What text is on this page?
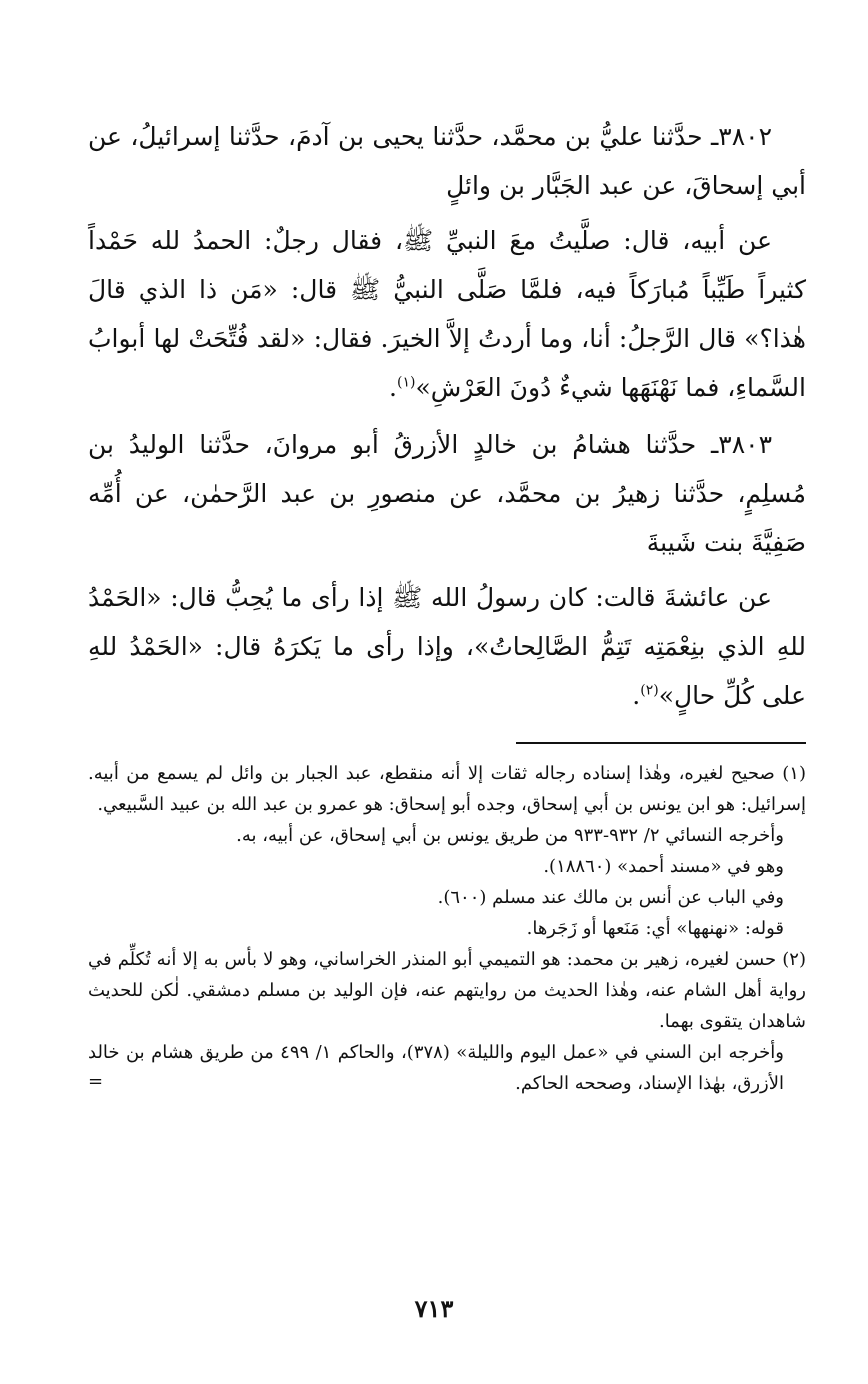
٣٨٠٢ـ حدَّثنا عليُّ بن محمَّد، حدَّثنا يحيى بن آدمَ، حدَّثنا إسرائيلُ، عن أبي إسحاقَ، عن عبد الجَبَّار بن وائلٍ

عن أبيه، قال: صلَّيتُ معَ النبيِّ ﷺ، فقال رجلٌ: الحمدُ لله حَمْداً كثيراً طَيِّباً مُبارَكاً فيه، فلمَّا صَلَّى النبيُّ ﷺ قال: «مَن ذا الذي قالَ هٰذا؟» قال الرَّجلُ: أنا، وما أردتُ إلاَّ الخيرَ. فقال: «لقد فُتِّحَتْ لها أبوابُ السَّماءِ، فما نَهْنَهَها شيءٌ دُونَ العَرْشِ»$^{(١)}$.

٣٨٠٣ـ حدَّثنا هشامُ بن خالدٍ الأزرقُ أبو مروانَ، حدَّثنا الوليدُ بن مُسلِمٍ، حدَّثنا زهيرُ بن محمَّد، عن منصورِ بن عبد الرَّحمٰن، عن أُمِّه صَفِيَّةَ بنت شَيبةَ

عن عائشةَ قالت: كان رسولُ الله ﷺ إذا رأى ما يُحِبُّ قال: «الحَمْدُ للهِ الذي بنِعْمَتِه تَتِمُّ الصَّالِحاتُ»، وإذا رأى ما يَكرَهُ قال: «الحَمْدُ للهِ على كُلِّ حالٍ»$^{(٢)}$.

(١) صحيح لغيره، وهٰذا إسناده رجاله ثقات إلا أنه منقطع، عبد الجبار بن وائل لم يسمع من أبيه. إسرائيل: هو ابن يونس بن أبي إسحاق، وجده أبو إسحاق: هو عمرو بن عبد الله بن عبيد السَّبيعي.

وأخرجه النسائي ٢/ ٩٣٢-٩٣٣ من طريق يونس بن أبي إسحاق، عن أبيه، به.

وهو في «مسند أحمد» (١٨٨٦٠).

وفي الباب عن أنس بن مالك عند مسلم (٦٠٠).

قوله: «نهنهها» أي: مَنَعها أو زَجَرها.

(٢) حسن لغيره، زهير بن محمد: هو التميمي أبو المنذر الخراساني، وهو لا بأس به إلا أنه تُكلِّم في رواية أهل الشام عنه، وهٰذا الحديث من روايتهم عنه، فإن الوليد بن مسلم دمشقي. لٰكن للحديث شاهدان يتقوى بهما.

وأخرجه ابن السني في «عمل اليوم والليلة» (٣٧٨)، والحاكم ١/ ٤٩٩ من طريق هشام بن خالد الأزرق، بهٰذا الإسناد، وصححه الحاكم.

=
٧١٣
